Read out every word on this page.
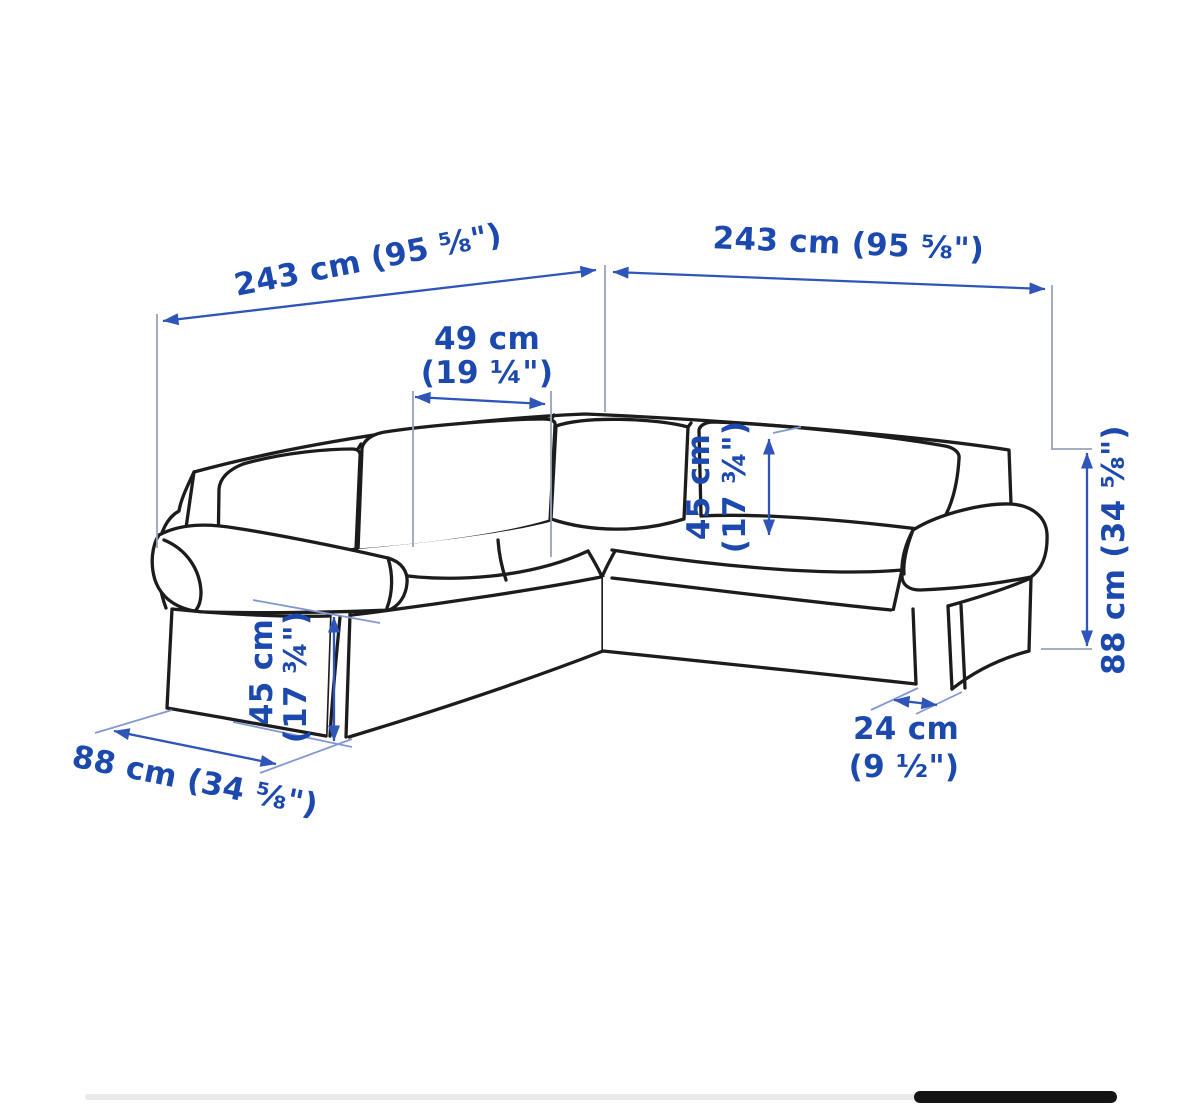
243 cm (95 ⅝")	243 cm (95 ⅝")
49 cm
(19 ¼")
45 cm (17 ¾")	88 cm (34 ⅝")
45 cm
(17 ¾")
88 cm (34 ⅝")
24 cm
(9 ½")
